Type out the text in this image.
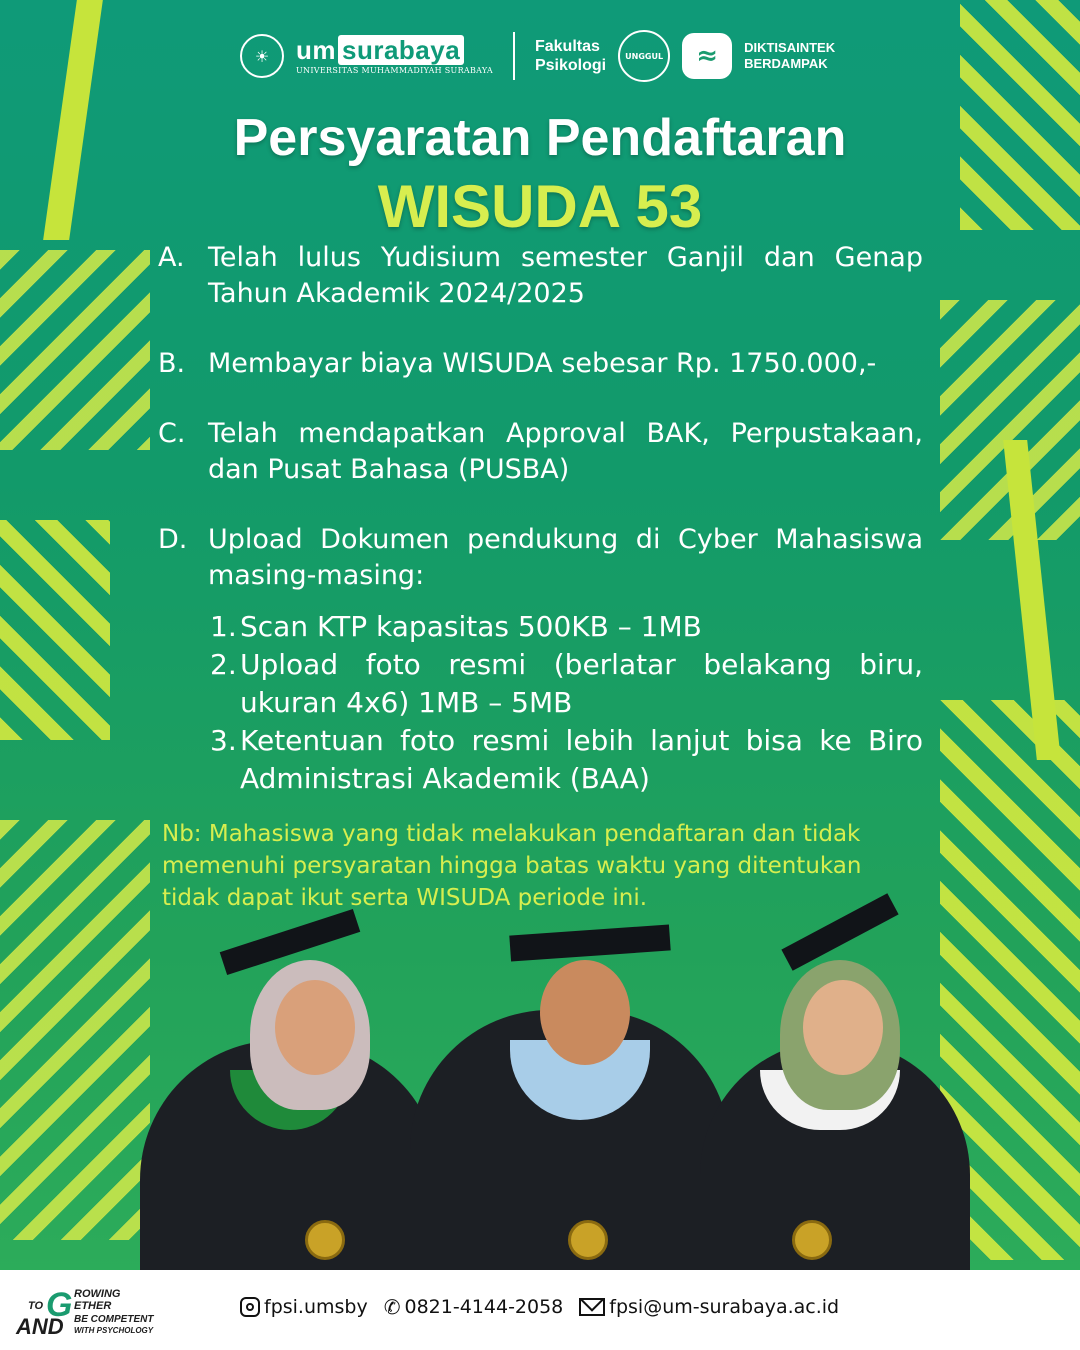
☀	um surabaya
UNIVERSITAS MUHAMMADIYAH SURABAYA
Fakultas
Psikologi
UNGGUL	≈	DIKTISAINTEK
BERDAMPAK
Persyaratan Pendaftaran
WISUDA 53
A. Telah lulus Yudisium semester Ganjil dan Genap Tahun Akademik 2024/2025
B. Membayar biaya WISUDA sebesar Rp. 1750.000,-
C. Telah mendapatkan Approval BAK, Perpustakaan, dan Pusat Bahasa (PUSBA)
D. Upload Dokumen pendukung di Cyber Mahasiswa masing-masing:
1. Scan KTP kapasitas 500KB – 1MB
2. Upload foto resmi (berlatar belakang biru, ukuran 4x6) 1MB – 5MB
3. Ketentuan foto resmi lebih lanjut bisa ke Biro Administrasi Akademik (BAA)
Nb: Mahasiswa yang tidak melakukan pendaftaran dan tidak memenuhi persyaratan hingga batas waktu yang ditentukan tidak dapat ikut serta WISUDA periode ini.
TO G ROWING
ETHER
AND BE COMPETENT
WITH PSYCHOLOGY
fpsi.umsby ✆ 0821-4144-2058 fpsi@um-surabaya.ac.id
